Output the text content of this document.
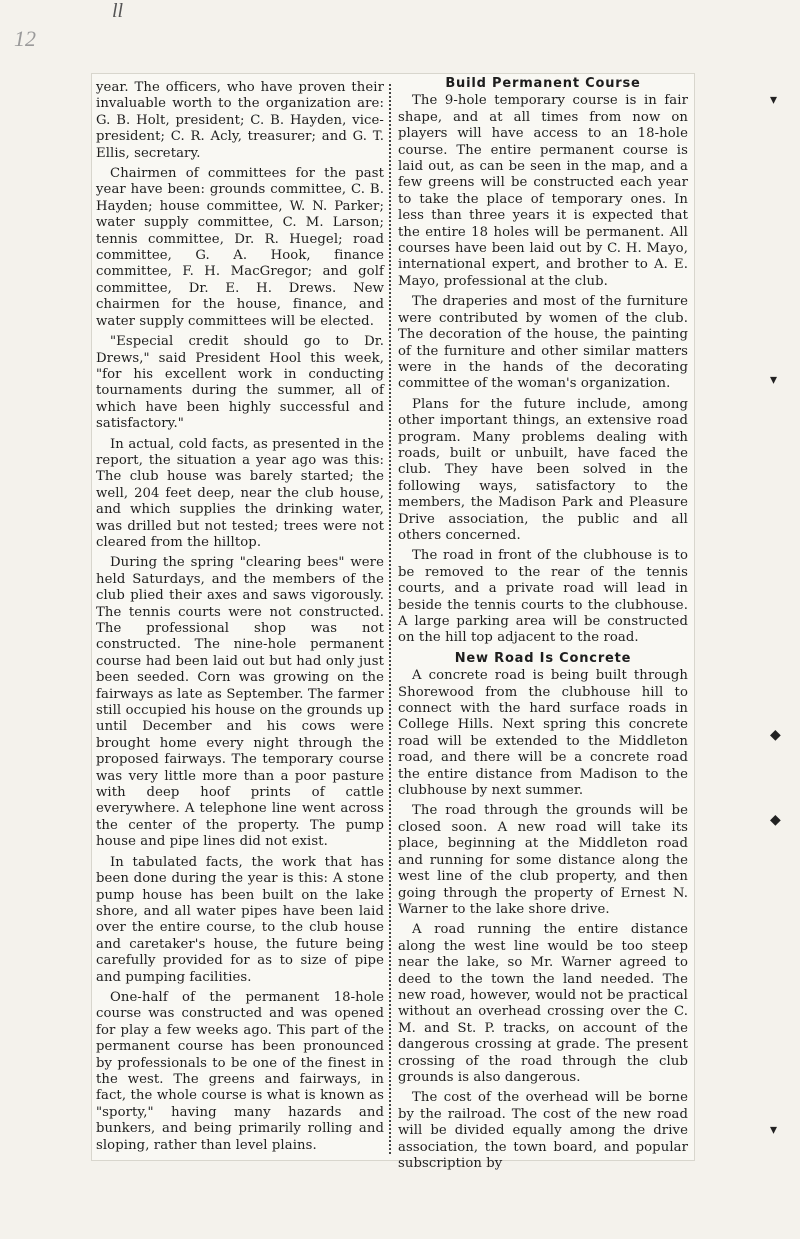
12
ll

year. The officers, who have proven their invaluable worth to the organization are: G. B. Holt, president; C. B. Hayden, vice-president; C. R. Acly, treasurer; and G. T. Ellis, secretary.

Chairmen of committees for the past year have been: grounds committee, C. B. Hayden; house committee, W. N. Parker; water supply committee, C. M. Larson; tennis committee, Dr. R. Huegel; road committee, G. A. Hook, finance committee, F. H. MacGregor; and golf committee, Dr. E. H. Drews. New chairmen for the house, finance, and water supply committees will be elected.

"Especial credit should go to Dr. Drews," said President Hool this week, "for his excellent work in conducting tournaments during the summer, all of which have been highly successful and satisfactory."

In actual, cold facts, as presented in the report, the situation a year ago was this: The club house was barely started; the well, 204 feet deep, near the club house, and which supplies the drinking water, was drilled but not tested; trees were not cleared from the hilltop.

During the spring "clearing bees" were held Saturdays, and the members of the club plied their axes and saws vigorously. The tennis courts were not constructed. The professional shop was not constructed. The nine-hole permanent course had been laid out but had only just been seeded. Corn was growing on the fairways as late as September. The farmer still occupied his house on the grounds up until December and his cows were brought home every night through the proposed fairways. The temporary course was very little more than a poor pasture with deep hoof prints of cattle everywhere. A telephone line went across the center of the property. The pump house and pipe lines did not exist.

In tabulated facts, the work that has been done during the year is this: A stone pump house has been built on the lake shore, and all water pipes have been laid over the entire course, to the club house and caretaker's house, the future being carefully provided for as to size of pipe and pumping facilities.

One-half of the permanent 18-hole course was constructed and was opened for play a few weeks ago. This part of the permanent course has been pronounced by professionals to be one of the finest in the west. The greens and fairways, in fact, the whole course is what is known as "sporty," having many hazards and bunkers, and being primarily rolling and sloping, rather than level plains.

Build Permanent Course

The 9-hole temporary course is in fair shape, and at all times from now on players will have access to an 18-hole course. The entire permanent course is laid out, as can be seen in the map, and a few greens will be constructed each year to take the place of temporary ones. In less than three years it is expected that the entire 18 holes will be permanent. All courses have been laid out by C. H. Mayo, international expert, and brother to A. E. Mayo, professional at the club.

The draperies and most of the furniture were contributed by women of the club. The decoration of the house, the painting of the furniture and other similar matters were in the hands of the decorating committee of the woman's organization.

Plans for the future include, among other important things, an extensive road program. Many problems dealing with roads, built or unbuilt, have faced the club. They have been solved in the following ways, satisfactory to the members, the Madison Park and Pleasure Drive association, the public and all others concerned.

The road in front of the clubhouse is to be removed to the rear of the tennis courts, and a private road will lead in beside the tennis courts to the clubhouse. A large parking area will be constructed on the hill top adjacent to the road.

New Road Is Concrete

A concrete road is being built through Shorewood from the clubhouse hill to connect with the hard surface roads in College Hills. Next spring this concrete road will be extended to the Middleton road, and there will be a concrete road the entire distance from Madison to the clubhouse by next summer.

The road through the grounds will be closed soon. A new road will take its place, beginning at the Middleton road and running for some distance along the west line of the club property, and then going through the property of Ernest N. Warner to the lake shore drive.

A road running the entire distance along the west line would be too steep near the lake, so Mr. Warner agreed to deed to the town the land needed. The new road, however, would not be practical without an overhead crossing over the C. M. and St. P. tracks, on account of the dangerous crossing at grade. The present crossing of the road through the club grounds is also dangerous.

The cost of the overhead will be borne by the railroad. The cost of the new road will be divided equally among the drive association, the town board, and popular subscription by

▾
▾
◆
◆
▾
